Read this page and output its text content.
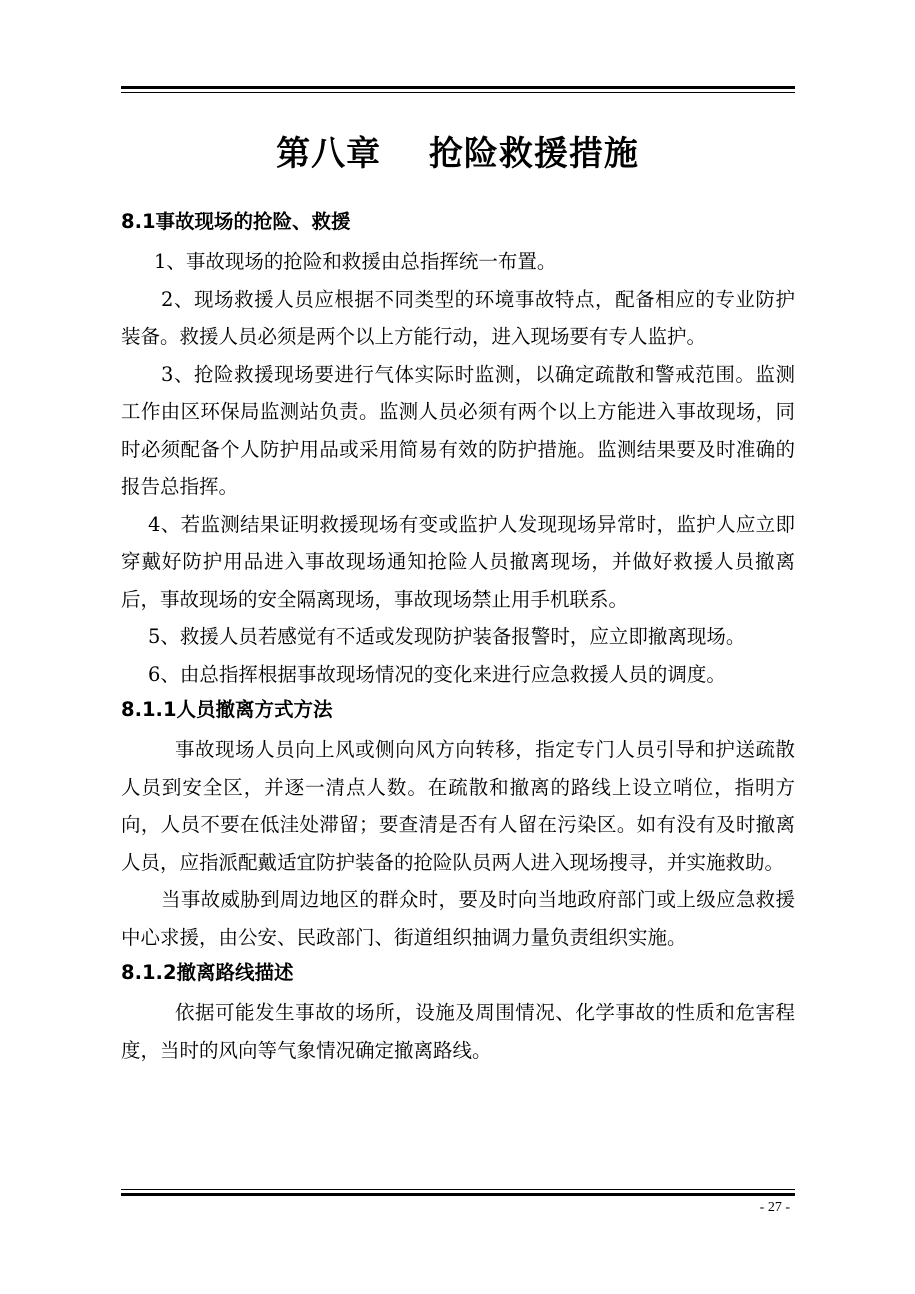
第八章　 抢险救援措施
8.1事故现场的抢险、救援

1、事故现场的抢险和救援由总指挥统一布置。

2、现场救援人员应根据不同类型的环境事故特点，配备相应的专业防护装备。救援人员必须是两个以上方能行动，进入现场要有专人监护。

3、抢险救援现场要进行气体实际时监测，以确定疏散和警戒范围。监测工作由区环保局监测站负责。监测人员必须有两个以上方能进入事故现场，同时必须配备个人防护用品或采用简易有效的防护措施。监测结果要及时准确的报告总指挥。

4、若监测结果证明救援现场有变或监护人发现现场异常时，监护人应立即穿戴好防护用品进入事故现场通知抢险人员撤离现场，并做好救援人员撤离后，事故现场的安全隔离现场，事故现场禁止用手机联系。

5、救援人员若感觉有不适或发现防护装备报警时，应立即撤离现场。

6、由总指挥根据事故现场情况的变化来进行应急救援人员的调度。

8.1.1人员撤离方式方法

事故现场人员向上风或侧向风方向转移，指定专门人员引导和护送疏散人员到安全区，并逐一清点人数。在疏散和撤离的路线上设立哨位，指明方向，人员不要在低洼处滞留；要查清是否有人留在污染区。如有没有及时撤离人员，应指派配戴适宜防护装备的抢险队员两人进入现场搜寻，并实施救助。

当事故威胁到周边地区的群众时，要及时向当地政府部门或上级应急救援中心求援，由公安、民政部门、街道组织抽调力量负责组织实施。

8.1.2撤离路线描述

依据可能发生事故的场所，设施及周围情况、化学事故的性质和危害程度，当时的风向等气象情况确定撤离路线。

- 27 -
